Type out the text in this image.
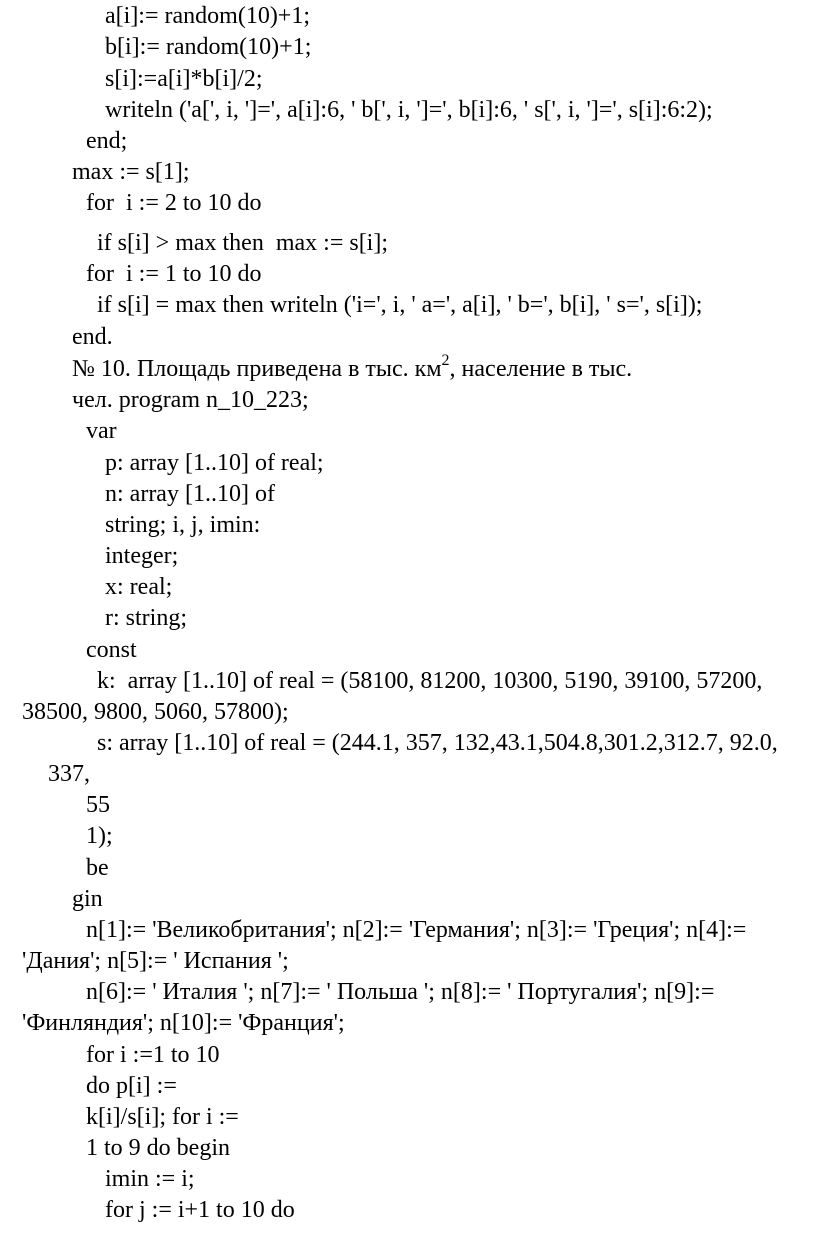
a[i]:= random(10)+1;
b[i]:= random(10)+1;
s[i]:=a[i]*b[i]/2;
writeln ('a[', i, ']=', a[i]:6, ' b[', i, ']=', b[i]:6, ' s[', i, ']=', s[i]:6:2);
end;
max := s[1];
for  i := 2 to 10 do
if s[i] > max then  max := s[i];
for  i := 1 to 10 do
if s[i] = max then writeln ('i=', i, ' a=', a[i], ' b=', b[i], ' s=', s[i]);
end.
№ 10. Площадь приведена в тыс. $км^2$, население в тыс.
чел. program n_10_223;
var
p: array [1..10] of real;
n: array [1..10] of
string; i, j, imin:
integer;
x: real;
r: string;
const
k:  array [1..10] of real = (58100, 81200, 10300, 5190, 39100, 57200,
38500, 9800, 5060, 57800);
s: array [1..10] of real = (244.1, 357, 132,43.1,504.8,301.2,312.7, 92.0,
337,
55
1);
be
gin
n[1]:= 'Великобритания'; n[2]:= 'Германия'; n[3]:= 'Греция'; n[4]:=
'Дания'; n[5]:= ' Испания ';
n[6]:= ' Италия '; n[7]:= ' Польша '; n[8]:= ' Португалия'; n[9]:=
'Финляндия'; n[10]:= 'Франция';
for i :=1 to 10
do p[i] :=
k[i]/s[i]; for i :=
1 to 9 do begin
imin := i;
for j := i+1 to 10 do
